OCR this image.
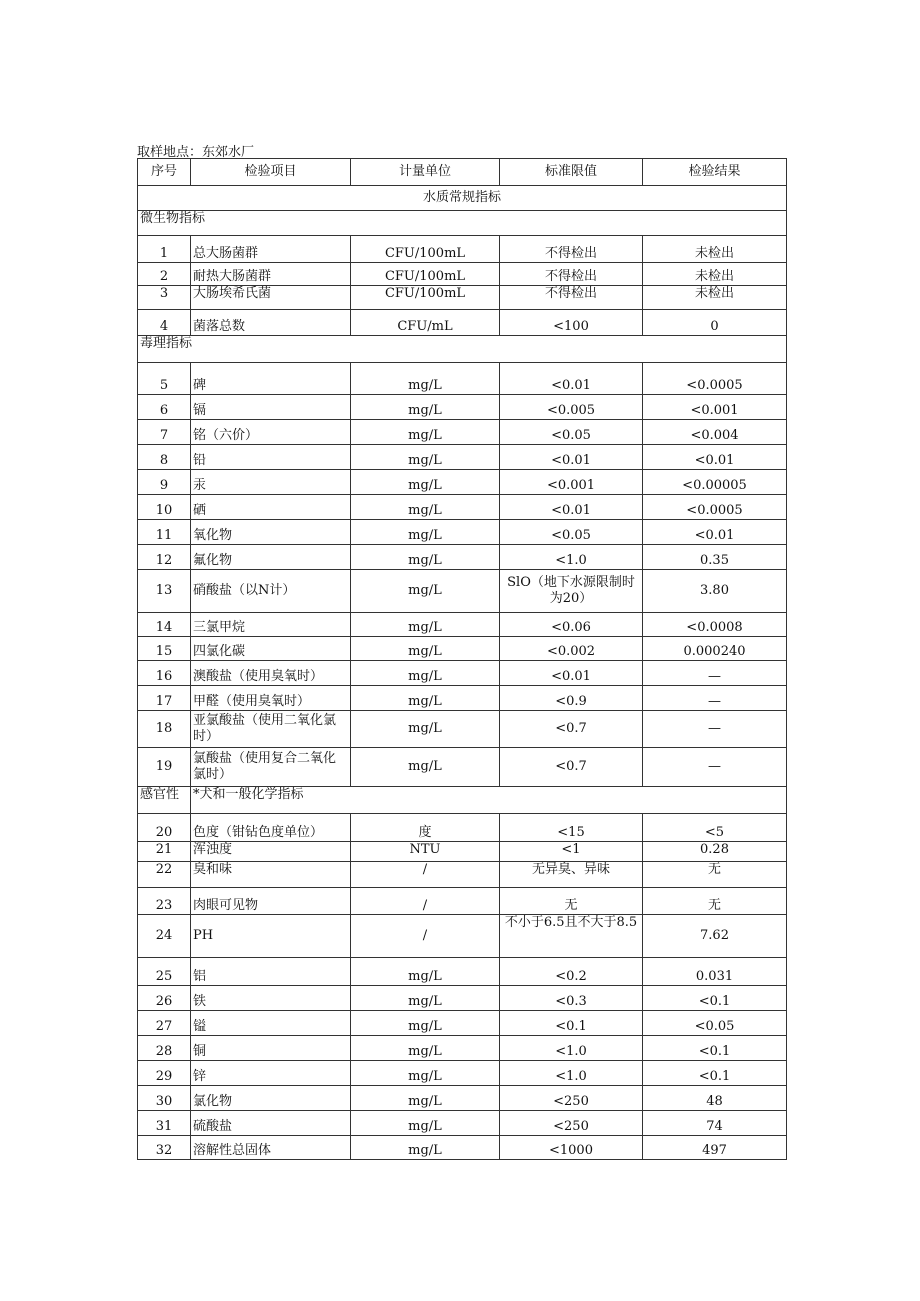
取样地点：东郊水厂
序号	检验项目	计量单位	标准限值	检验结果
水质常规指标				
微生物指标				
1	总大肠菌群	CFU/100mL	不得检出	未检出
2	耐热大肠菌群	CFU/100mL	不得检出	未检出
3	大肠埃希氏菌	CFU/100mL	不得检出	未检出
4	菌落总数	CFU/mL	<100	0
毒理指标				
5	碑	mg/L	<0.01	<0.0005
6	镉	mg/L	<0.005	<0.001
7	铭（六价）	mg/L	<0.05	<0.004
8	铅	mg/L	<0.01	<0.01
9	汞	mg/L	<0.001	<0.00005
10	硒	mg/L	<0.01	<0.0005
11	氧化物	mg/L	<0.05	<0.01
12	氟化物	mg/L	<1.0	0.35
13	硝酸盐（以N计）	mg/L	SlO（地下水源限制时为20）	3.80
14	三氯甲烷	mg/L	<0.06	<0.0008
15	四氯化碳	mg/L	<0.002	0.000240
16	澳酸盐（使用臭氧时）	mg/L	<0.01	—
17	甲醛（使用臭氧时）	mg/L	<0.9	—
18	亚氯酸盐（使用二氧化氯时）	mg/L	<0.7	—
19	氯酸盐（使用复合二氧化氯时）	mg/L	<0.7	—
感官性	*犬和一般化学指标			
20	色度（钳钻色度单位）	度	<15	<5
21	浑浊度	NTU	<1	0.28
22	臭和味	/	无异臭、异味	无
23	肉眼可见物	/	无	无
24	PH	/	不小于6.5且不大于8.5	7.62
25	铝	mg/L	<0.2	0.031
26	铁	mg/L	<0.3	<0.1
27	镒	mg/L	<0.1	<0.05
28	铜	mg/L	<1.0	<0.1
29	锌	mg/L	<1.0	<0.1
30	氯化物	mg/L	<250	48
31	硫酸盐	mg/L	<250	74
32	溶解性总固体	mg/L	<1000	497
